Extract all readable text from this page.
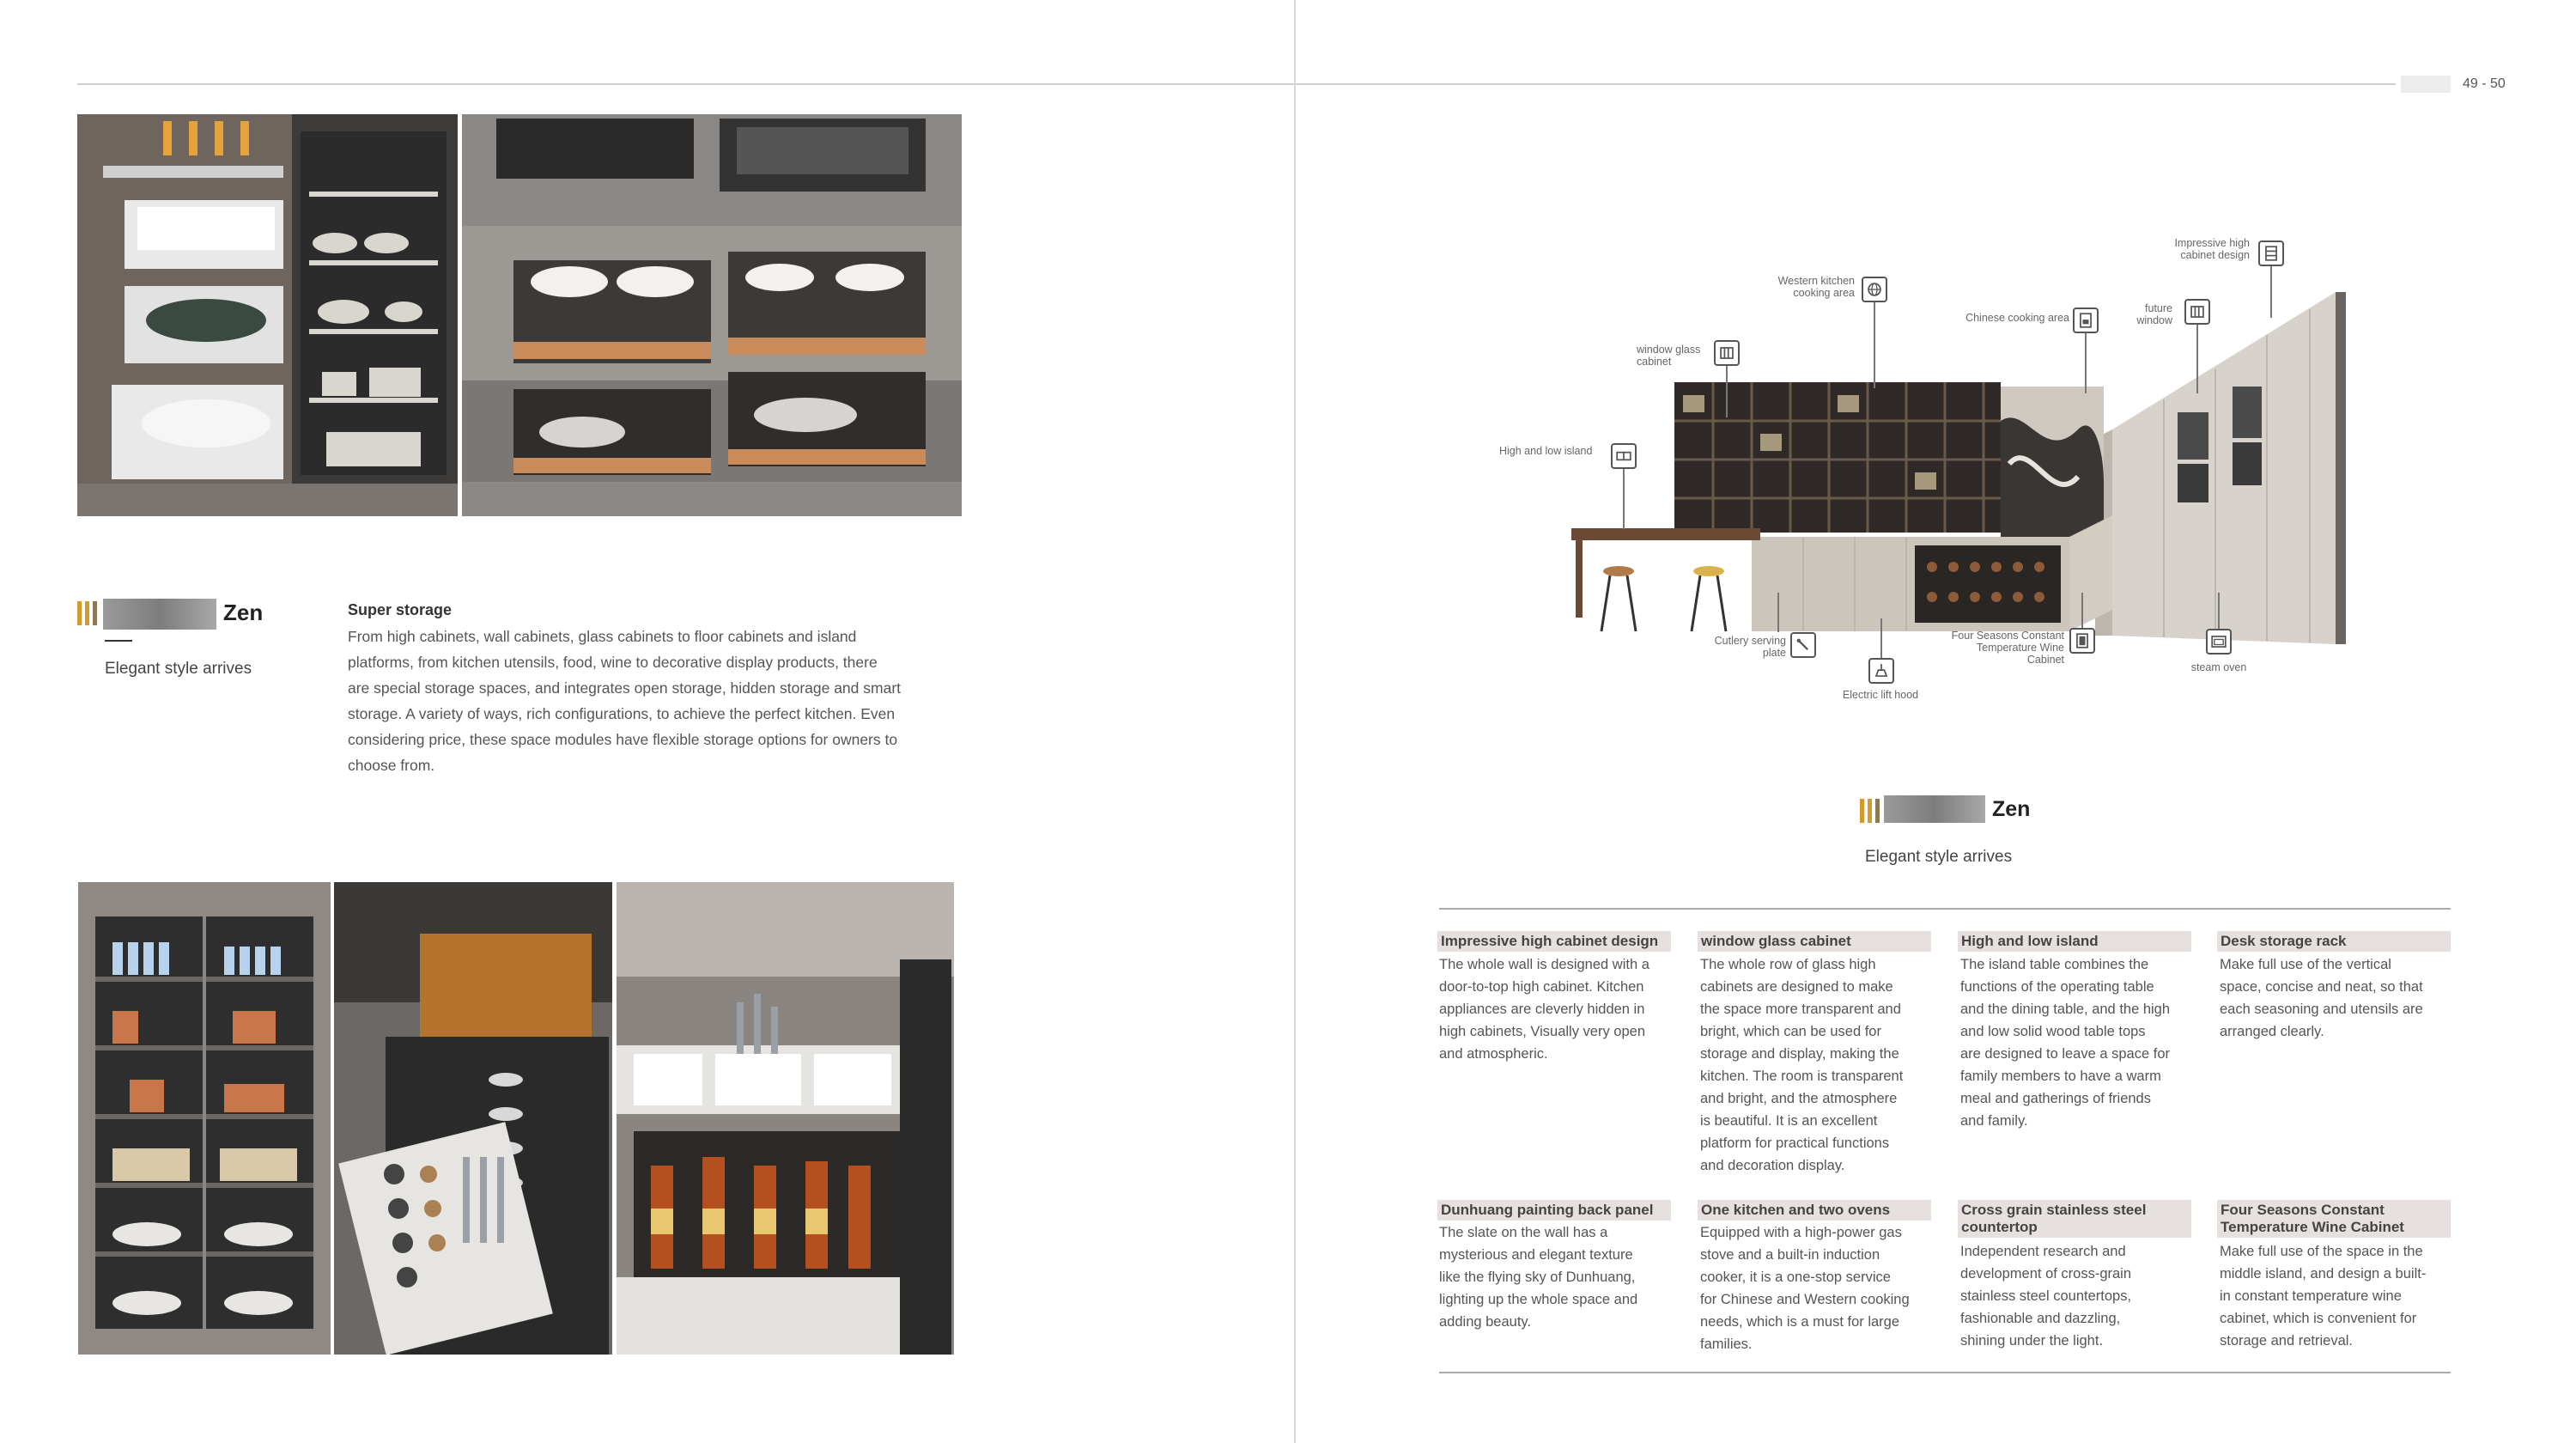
49 - 50
Zen
Elegant style arrives
Super storage
From high cabinets, wall cabinets, glass cabinets to floor cabinets and island
platforms, from kitchen utensils, food, wine to decorative display products, there
are special storage spaces, and integrates open storage, hidden storage and smart
storage. A variety of ways, rich configurations, to achieve the perfect kitchen. Even
considering price, these space modules have flexible storage options for owners to
choose from.
Impressive high
cabinet design
Western kitchen
cooking area
Chinese cooking area
future
window
window glass
cabinet
High and low island
Cutlery serving
plate
Electric lift hood
Four Seasons Constant
Temperature Wine
Cabinet
steam oven
Zen
Elegant style arrives
Impressive high cabinet design
The whole wall is designed with a
door-to-top high cabinet. Kitchen
appliances are cleverly hidden in
high cabinets, Visually very open
and atmospheric.
window glass cabinet
The whole row of glass high
cabinets are designed to make
the space more transparent and
bright, which can be used for
storage and display, making the
kitchen. The room is transparent
and bright, and the atmosphere
is beautiful. It is an excellent
platform for practical functions
and decoration display.
High and low island
The island table combines the
functions of the operating table
and the dining table, and the high
and low solid wood table tops
are designed to leave a space for
family members to have a warm
meal and gatherings of friends
and family.
Desk storage rack
Make full use of the vertical
space, concise and neat, so that
each seasoning and utensils are
arranged clearly.
Dunhuang painting back panel
The slate on the wall has a
mysterious and elegant texture
like the flying sky of Dunhuang,
lighting up the whole space and
adding beauty.
One kitchen and two ovens
Equipped with a high-power gas
stove and a built-in induction
cooker, it is a one-stop service
for Chinese and Western cooking
needs, which is a must for large
families.
Cross grain stainless steel
countertop
Independent research and
development of cross-grain
stainless steel countertops,
fashionable and dazzling,
shining under the light.
Four Seasons Constant
Temperature Wine Cabinet
Make full use of the space in the
middle island, and design a built-
in constant temperature wine
cabinet, which is convenient for
storage and retrieval.
